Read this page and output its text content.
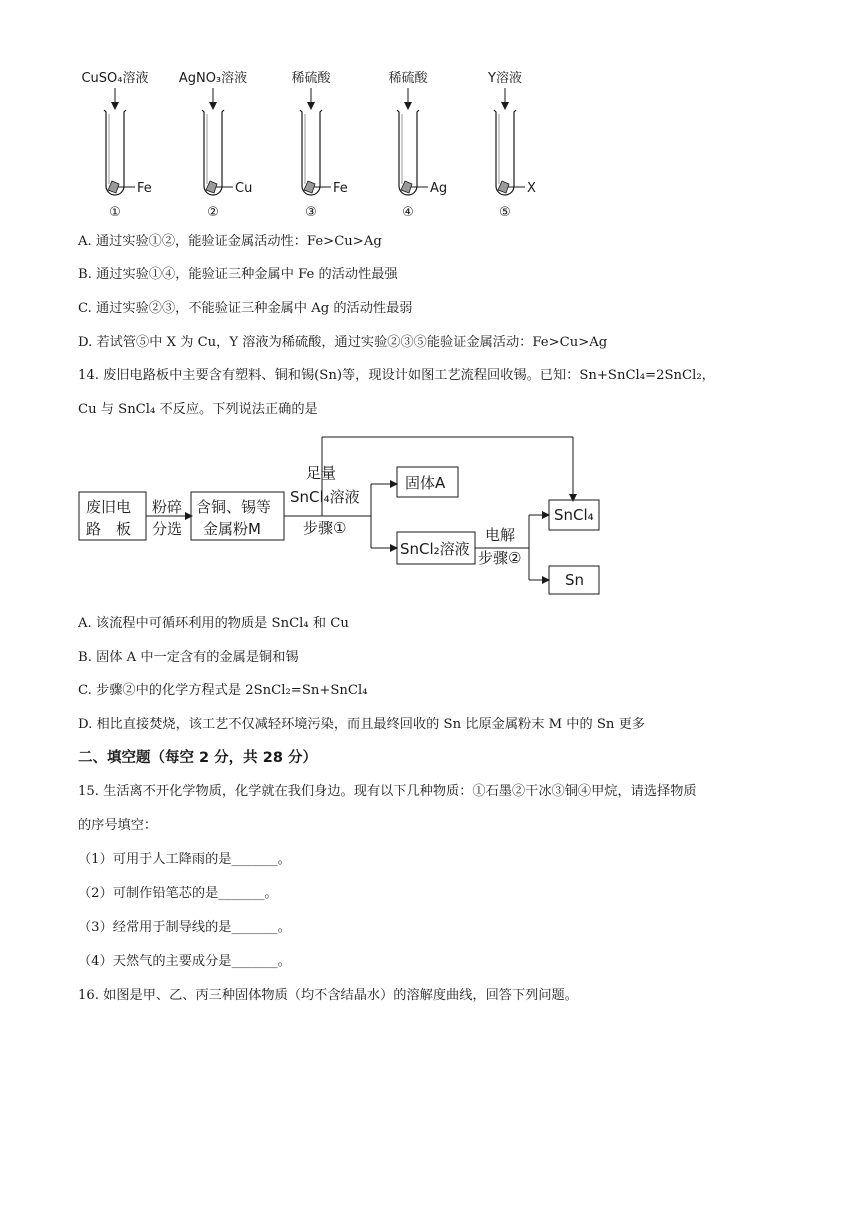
CuSO₄溶液
Fe
①
AgNO₃溶液
Cu
②
稀硫酸
Fe
③
稀硫酸
Ag
④
Y溶液
X
⑤
A. 通过实验①②，能验证金属活动性：Fe>Cu>Ag
B. 通过实验①④，能验证三种金属中 Fe 的活动性最强
C. 通过实验②③，不能验证三种金属中 Ag 的活动性最弱
D. 若试管⑤中 X 为 Cu，Y 溶液为稀硫酸，通过实验②③⑤能验证金属活动：Fe>Cu>Ag
14. 废旧电路板中主要含有塑料、铜和锡(Sn)等，现设计如图工艺流程回收锡。已知：Sn+SnCl₄=2SnCl₂，
Cu 与 SnCl₄ 不反应。下列说法正确的是
废旧电
路　板
粉碎
分选
含铜、锡等
金属粉M
足量
SnCl₄溶液
步骤①
固体A
SnCl₂溶液
电解
步骤②
SnCl₄
Sn
A. 该流程中可循环利用的物质是 SnCl₄ 和 Cu
B. 固体 A 中一定含有的金属是铜和锡
C. 步骤②中的化学方程式是 2SnCl₂=Sn+SnCl₄
D. 相比直接焚烧，该工艺不仅减轻环境污染，而且最终回收的 Sn 比原金属粉末 M 中的 Sn 更多
二、填空题（每空 2 分，共 28 分）
15. 生活离不开化学物质，化学就在我们身边。现有以下几种物质：①石墨②干冰③铜④甲烷，请选择物质
的序号填空：
（1）可用于人工降雨的是_______。
（2）可制作铅笔芯的是_______。
（3）经常用于制导线的是_______。
（4）天然气的主要成分是_______。
16. 如图是甲、乙、丙三种固体物质（均不含结晶水）的溶解度曲线，回答下列问题。
